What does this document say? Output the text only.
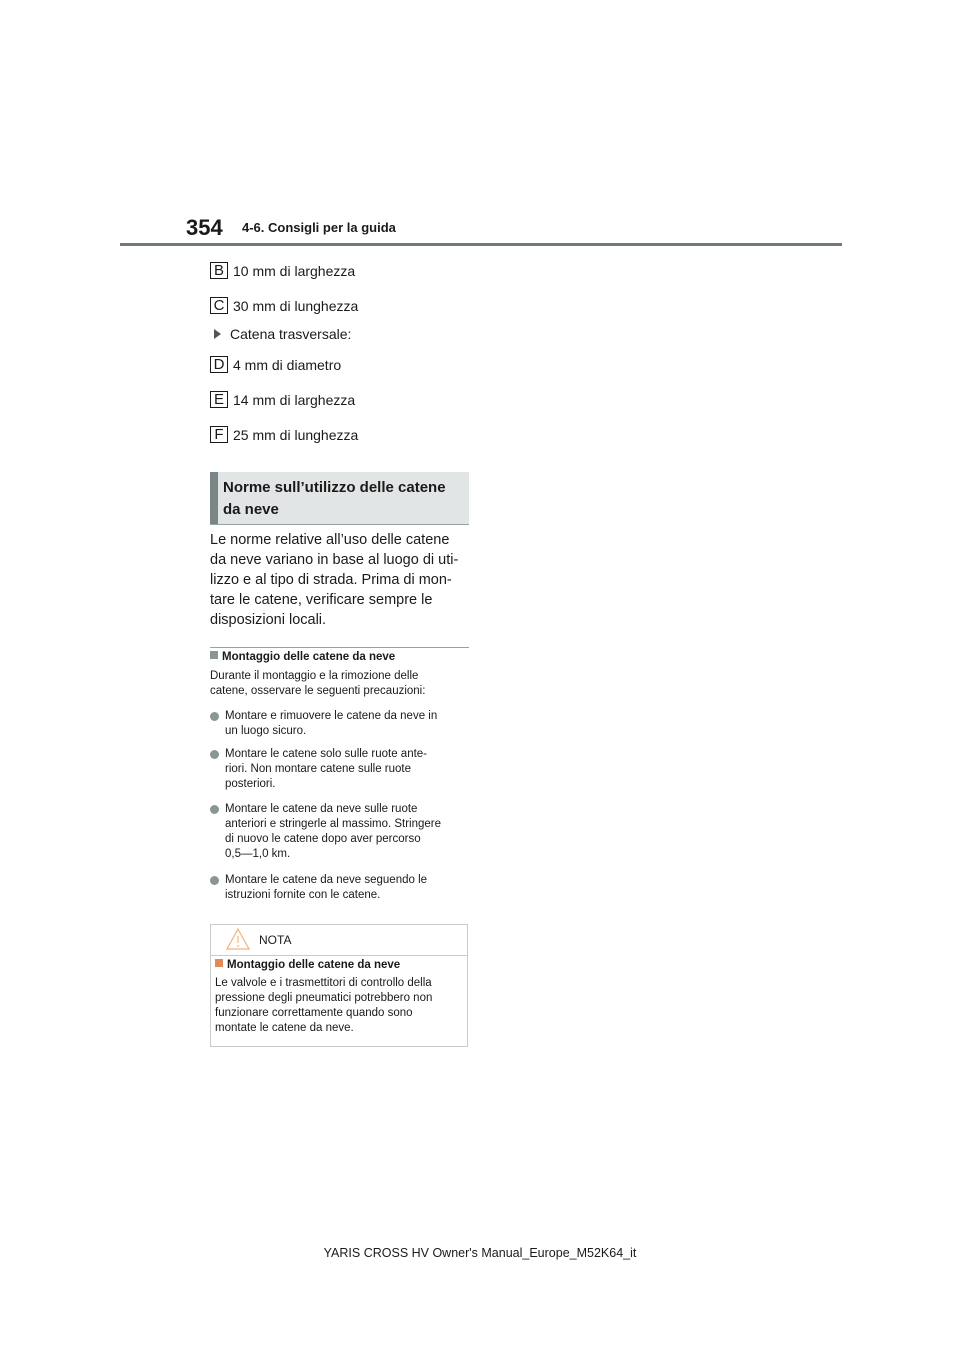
354 4-6. Consigli per la guida
B 10 mm di larghezza
C 30 mm di lunghezza
Catena trasversale:
D 4 mm di diametro
E 14 mm di larghezza
F 25 mm di lunghezza
Norme sull’utilizzo delle catene
da neve
Le norme relative all’uso delle catene
da neve variano in base al luogo di uti-
lizzo e al tipo di strada. Prima di mon-
tare le catene, verificare sempre le
disposizioni locali.
Montaggio delle catene da neve
Durante il montaggio e la rimozione delle
catene, osservare le seguenti precauzioni:
Montare e rimuovere le catene da neve in
un luogo sicuro.
Montare le catene solo sulle ruote ante-
riori. Non montare catene sulle ruote
posteriori.
Montare le catene da neve sulle ruote
anteriori e stringerle al massimo. Stringere
di nuovo le catene dopo aver percorso
0,5—1,0 km.
Montare le catene da neve seguendo le
istruzioni fornite con le catene.
NOTA
Montaggio delle catene da neve
Le valvole e i trasmettitori di controllo della
pressione degli pneumatici potrebbero non
funzionare correttamente quando sono
montate le catene da neve.
YARIS CROSS HV Owner's Manual_Europe_M52K64_it
